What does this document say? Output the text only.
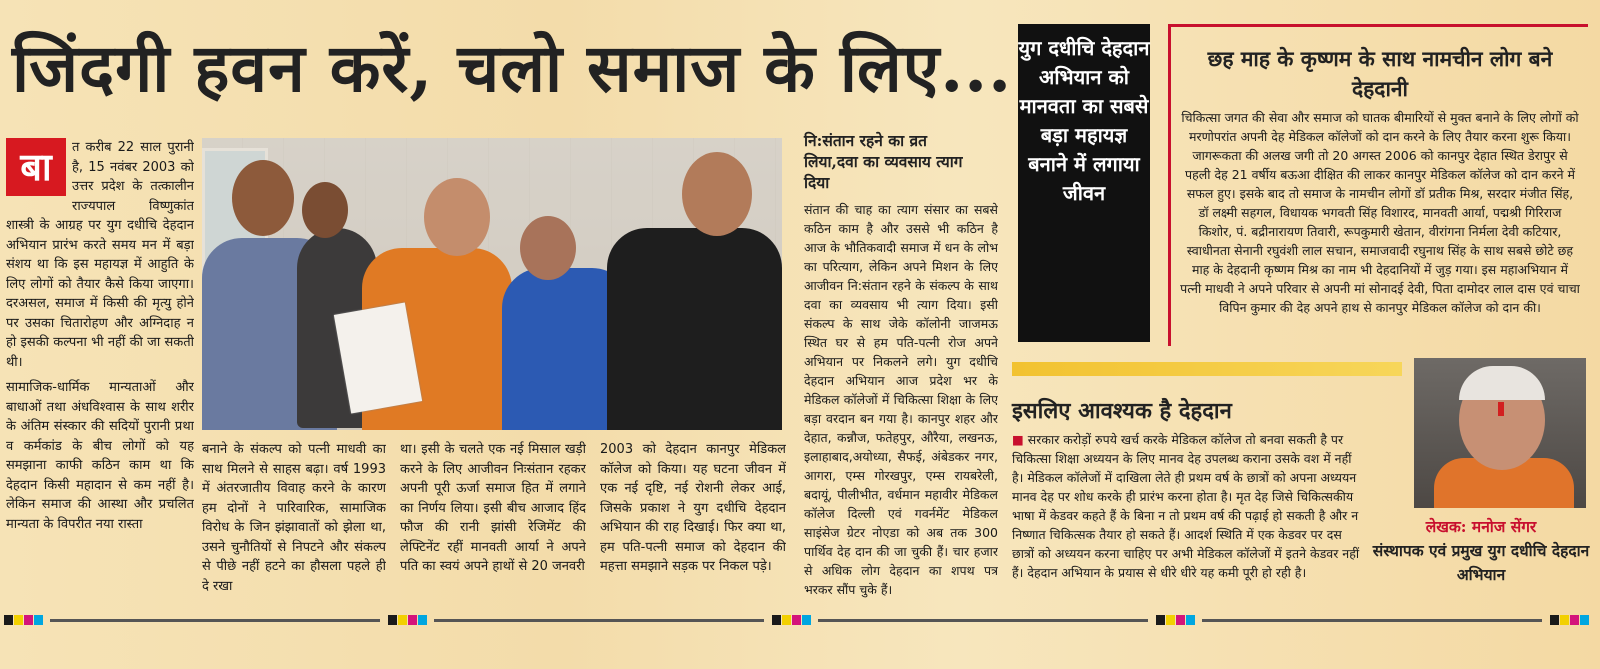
जिंदगी हवन करें, चलो समाज के लिए...
बा	त करीब 22 साल पुरानी है, 15 नवंबर 2003 को उत्तर प्रदेश के तत्कालीन राज्यपाल विष्णुकांत शास्त्री के आग्रह पर युग दधीचि देहदान अभियान प्रारंभ करते समय मन में बड़ा संशय था कि इस महायज्ञ में आहुति के लिए लोगों को तैयार कैसे किया जाएगा। दरअसल, समाज में किसी की मृत्यु होने पर उसका चितारोहण और अग्निदाह न हो इसकी कल्पना भी नहीं की जा सकती थी।
सामाजिक-धार्मिक मान्यताओं और बाधाओं तथा अंधविश्वास के साथ शरीर के अंतिम संस्कार की सदियों पुरानी प्रथा व कर्मकांड के बीच लोगों को यह समझाना काफी कठिन काम था कि देहदान किसी महादान से कम नहीं है। लेकिन समाज की आस्था और प्रचलित मान्यता के विपरीत नया रास्ता
बनाने के संकल्प को पत्नी माधवी का साथ मिलने से साहस बढ़ा। वर्ष 1993 में अंतरजातीय विवाह करने के कारण हम दोनों ने पारिवारिक, सामाजिक विरोध के जिन झंझावातों को झेला था, उसने चुनौतियों से निपटने और संकल्प से पीछे नहीं हटने का हौसला पहले ही दे रखा
था। इसी के चलते एक नई मिसाल खड़ी करने के लिए आजीवन निःसंतान रहकर अपनी पूरी ऊर्जा समाज हित में लगाने का निर्णय लिया। इसी बीच आजाद हिंद फौज की रानी झांसी रेजिमेंट की लेफ्टिनेंट रहीं मानवती आर्या ने अपने पति का स्वयं अपने हाथों से 20 जनवरी
2003 को देहदान कानपुर मेडिकल कॉलेज को किया। यह घटना जीवन में एक नई दृष्टि, नई रोशनी लेकर आई, जिसके प्रकाश ने युग दधीचि देहदान अभियान की राह दिखाई। फिर क्या था, हम पति-पत्नी समाज को देहदान की महत्ता समझाने सड़क पर निकल पड़े।
नि:संतान रहने का व्रत लिया,दवा का व्यवसाय त्याग दिया
संतान की चाह का त्याग संसार का सबसे कठिन काम है और उससे भी कठिन है आज के भौतिकवादी समाज में धन के लोभ का परित्याग, लेकिन अपने मिशन के लिए आजीवन नि:संतान रहने के संकल्प के साथ दवा का व्यवसाय भी त्याग दिया। इसी संकल्प के साथ जेके कॉलोनी जाजमऊ स्थित घर से हम पति-पत्नी रोज अपने अभियान पर निकलने लगे। युग दधीचि देहदान अभियान आज प्रदेश भर के मेडिकल कॉलेजों में चिकित्सा शिक्षा के लिए बड़ा वरदान बन गया है। कानपुर शहर और देहात, कन्नौज, फतेहपुर, औरैया, लखनऊ, इलाहाबाद,अयोध्या, सैफई, अंबेडकर नगर, आगरा, एम्स गोरखपुर, एम्स रायबरेली, बदायूं, पीलीभीत, वर्धमान महावीर मेडिकल कॉलेज दिल्ली एवं गवर्नमेंट मेडिकल साइंसेज ग्रेटर नोएडा को अब तक 300 पार्थिव देह दान की जा चुकी हैं। चार हजार से अधिक लोग देहदान का शपथ पत्र भरकर सौंप चुके हैं।
युग दधीचि देहदान अभियान को मानवता का सबसे बड़ा महायज्ञ बनाने में लगाया जीवन
छह माह के कृष्णम के साथ नामचीन लोग बने देहदानी
चिकित्सा जगत की सेवा और समाज को घातक बीमारियों से मुक्त बनाने के लिए लोगों को मरणोपरांत अपनी देह मेडिकल कॉलेजों को दान करने के लिए तैयार करना शुरू किया। जागरूकता की अलख जगी तो 20 अगस्त 2006 को कानपुर देहात स्थित डेरापुर से पहली देह 21 वर्षीय बऊआ दीक्षित की लाकर कानपुर मेडिकल कॉलेज को दान करने में सफल हुए। इसके बाद तो समाज के नामचीन लोगों डॉ प्रतीक मिश्र, सरदार मंजीत सिंह, डॉ लक्ष्मी सहगल, विधायक भगवती सिंह विशारद, मानवती आर्या, पद्मश्री गिरिराज किशोर, पं. बद्रीनारायण तिवारी, रूपकुमारी खेतान, वीरांगना निर्मला देवी कटियार, स्वाधीनता सेनानी रघुवंशी लाल सचान, समाजवादी रघुनाथ सिंह के साथ सबसे छोटे छह माह के देहदानी कृष्णम मिश्र का नाम भी देहदानियों में जुड़ गया। इस महाअभियान में पत्नी माधवी ने अपने परिवार से अपनी मां सोनादई देवी, पिता दामोदर लाल दास एवं चाचा विपिन कुमार की देह अपने हाथ से कानपुर मेडिकल कॉलेज को दान की।
इसलिए आवश्यक है देहदान
■ सरकार करोड़ों रुपये खर्च करके मेडिकल कॉलेज तो बनवा सकती है पर चिकित्सा शिक्षा अध्ययन के लिए मानव देह उपलब्ध कराना उसके वश में नहीं है। मेडिकल कॉलेजों में दाखिला लेते ही प्रथम वर्ष के छात्रों को अपना अध्ययन मानव देह पर शोध करके ही प्रारंभ करना होता है। मृत देह जिसे चिकित्सकीय भाषा में केडवर कहते हैं के बिना न तो प्रथम वर्ष की पढ़ाई हो सकती है और न निष्णात चिकित्सक तैयार हो सकते हैं। आदर्श स्थिति में एक केडवर पर दस छात्रों को अध्ययन करना चाहिए पर अभी मेडिकल कॉलेजों में इतने केडवर नहीं हैं। देहदान अभियान के प्रयास से धीरे धीरे यह कमी पूरी हो रही है।
लेखक: मनोज सेंगर
संस्थापक एवं प्रमुख युग दधीचि देहदान अभियान
